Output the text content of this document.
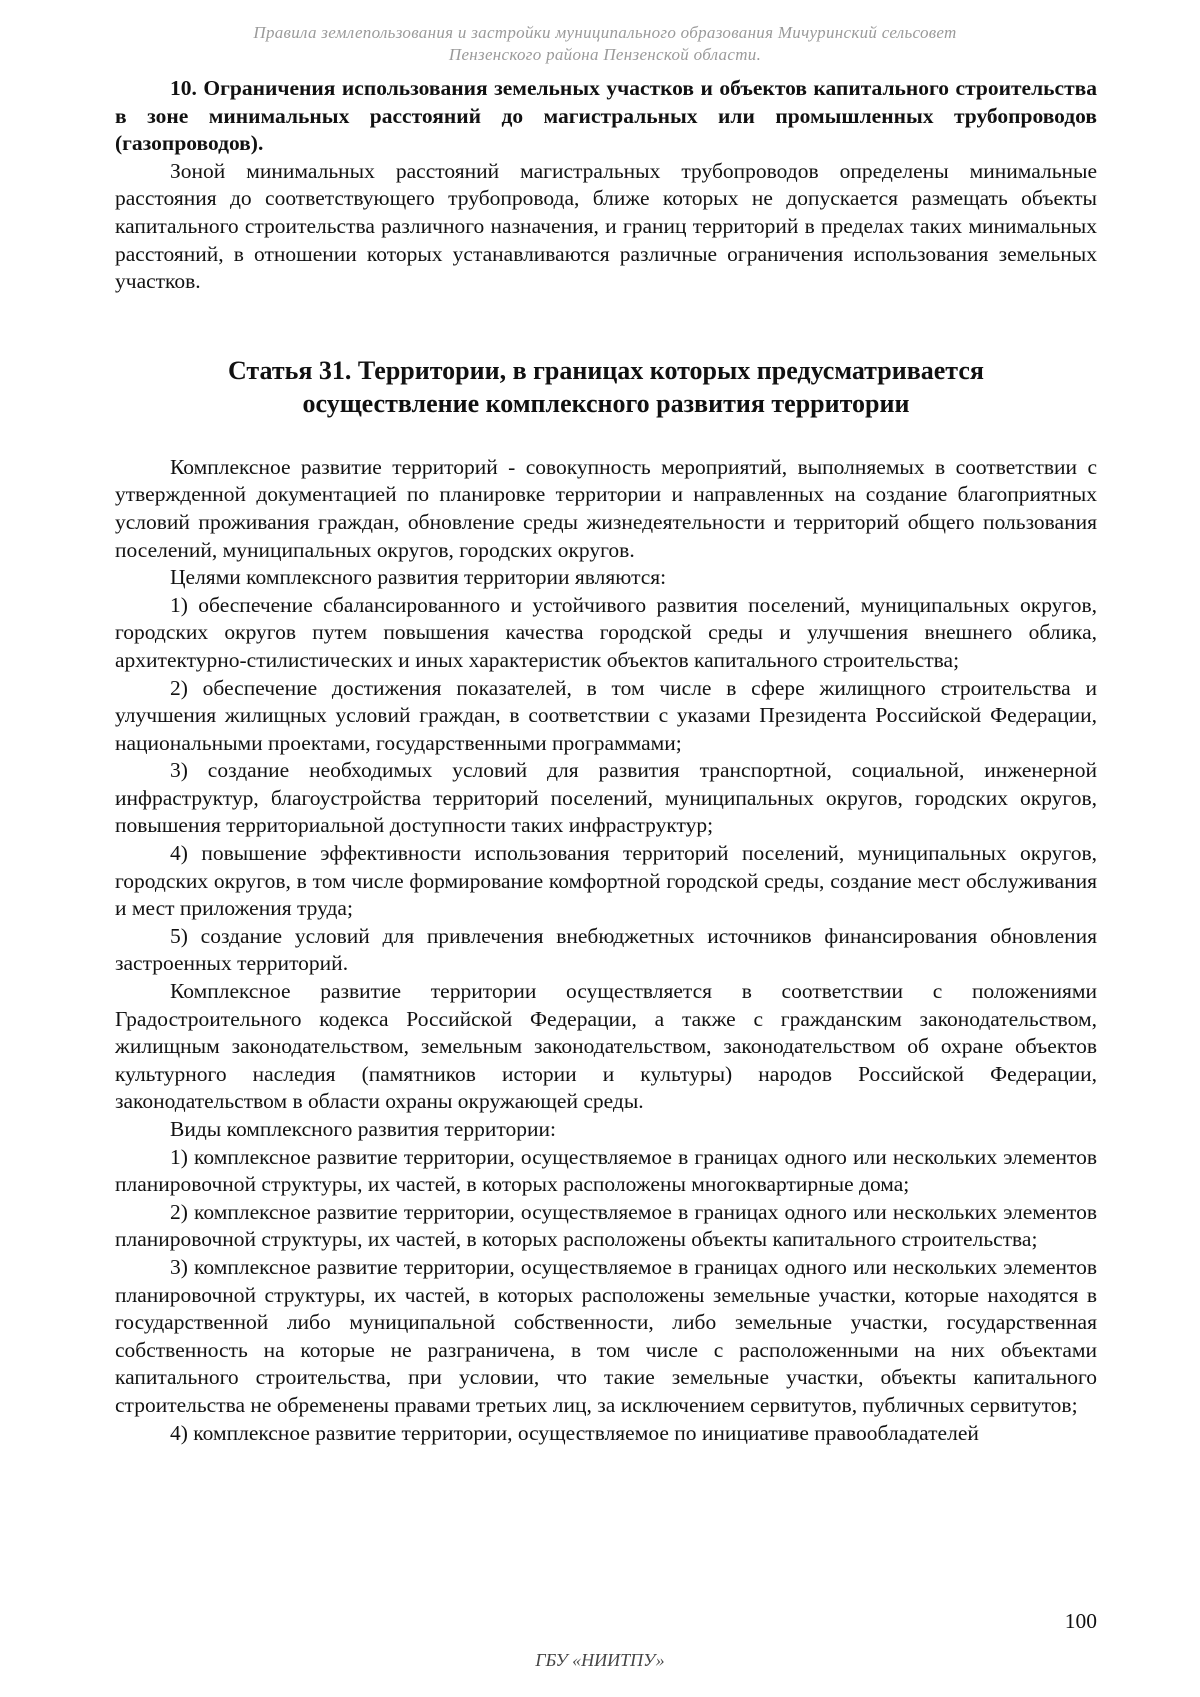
Правила землепользования и застройки муниципального образования Мичуринский сельсовет
Пензенского района Пензенской области.

10. Ограничения использования земельных участков и объектов капитального строительства в зоне минимальных расстояний до магистральных или промышленных трубопроводов (газопроводов).

Зоной минимальных расстояний магистральных трубопроводов определены минимальные расстояния до соответствующего трубопровода, ближе которых не допускается размещать объекты капитального строительства различного назначения, и границ территорий в пределах таких минимальных расстояний, в отношении которых устанавливаются различные ограничения использования земельных участков.

Статья 31. Территории, в границах которых предусматривается
осуществление комплексного развития территории

Комплексное развитие территорий - совокупность мероприятий, выполняемых в соответствии с утвержденной документацией по планировке территории и направленных на создание благоприятных условий проживания граждан, обновление среды жизнедеятельности и территорий общего пользования поселений, муниципальных округов, городских округов.

Целями комплексного развития территории являются:

1) обеспечение сбалансированного и устойчивого развития поселений, муниципальных округов, городских округов путем повышения качества городской среды и улучшения внешнего облика, архитектурно-стилистических и иных характеристик объектов капитального строительства;

2) обеспечение достижения показателей, в том числе в сфере жилищного строительства и улучшения жилищных условий граждан, в соответствии с указами Президента Российской Федерации, национальными проектами, государственными программами;

3) создание необходимых условий для развития транспортной, социальной, инженерной инфраструктур, благоустройства территорий поселений, муниципальных округов, городских округов, повышения территориальной доступности таких инфраструктур;

4) повышение эффективности использования территорий поселений, муниципальных округов, городских округов, в том числе формирование комфортной городской среды, создание мест обслуживания и мест приложения труда;

5) создание условий для привлечения внебюджетных источников финансирования обновления застроенных территорий.

Комплексное развитие территории осуществляется в соответствии с положениями Градостроительного кодекса Российской Федерации, а также с гражданским законодательством, жилищным законодательством, земельным законодательством, законодательством об охране объектов культурного наследия (памятников истории и культуры) народов Российской Федерации, законодательством в области охраны окружающей среды.

Виды комплексного развития территории:

1) комплексное развитие территории, осуществляемое в границах одного или нескольких элементов планировочной структуры, их частей, в которых расположены многоквартирные дома;

2) комплексное развитие территории, осуществляемое в границах одного или нескольких элементов планировочной структуры, их частей, в которых расположены объекты капитального строительства;

3) комплексное развитие территории, осуществляемое в границах одного или нескольких элементов планировочной структуры, их частей, в которых расположены земельные участки, которые находятся в государственной либо муниципальной собственности, либо земельные участки, государственная собственность на которые не разграничена, в том числе с расположенными на них объектами капитального строительства, при условии, что такие земельные участки, объекты капитального строительства не обременены правами третьих лиц, за исключением сервитутов, публичных сервитутов;

4) комплексное развитие территории, осуществляемое по инициативе правообладателей

100
ГБУ «НИИТПУ»
